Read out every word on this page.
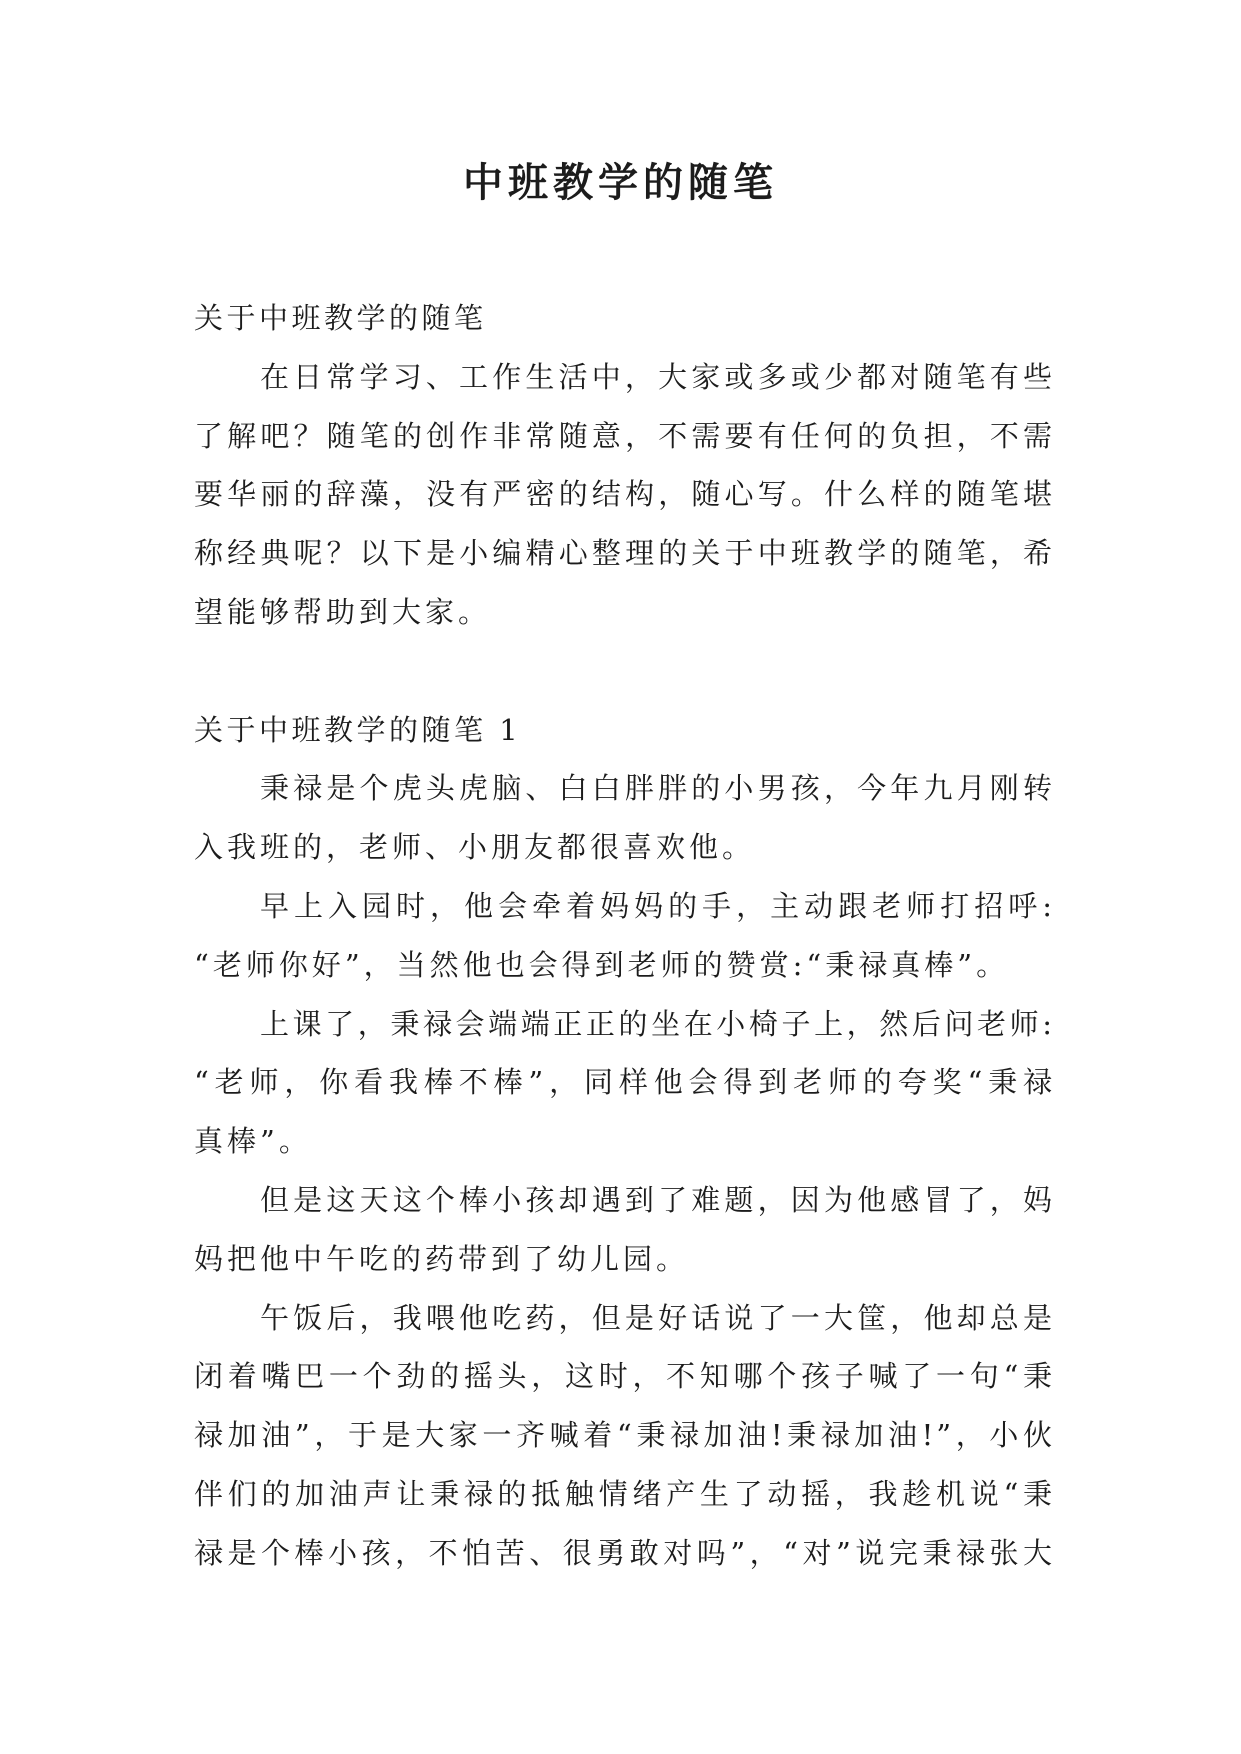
中班教学的随笔
关于中班教学的随笔
在日常学习、工作生活中，大家或多或少都对随笔有些
了解吧？随笔的创作非常随意，不需要有任何的负担，不需
要华丽的辞藻，没有严密的结构，随心写。什么样的随笔堪
称经典呢？以下是小编精心整理的关于中班教学的随笔，希
望能够帮助到大家。
关于中班教学的随笔 1
秉禄是个虎头虎脑、白白胖胖的小男孩，今年九月刚转
入我班的，老师、小朋友都很喜欢他。
早上入园时，他会牵着妈妈的手，主动跟老师打招呼:
“老师你好”，当然他也会得到老师的赞赏:“秉禄真棒”。
上课了，秉禄会端端正正的坐在小椅子上，然后问老师:
“老师，你看我棒不棒”，同样他会得到老师的夸奖“秉禄
真棒”。
但是这天这个棒小孩却遇到了难题，因为他感冒了，妈
妈把他中午吃的药带到了幼儿园。
午饭后，我喂他吃药，但是好话说了一大筐，他却总是
闭着嘴巴一个劲的摇头，这时，不知哪个孩子喊了一句“秉
禄加油”，于是大家一齐喊着“秉禄加油!秉禄加油!”，小伙
伴们的加油声让秉禄的抵触情绪产生了动摇，我趁机说“秉
禄是个棒小孩，不怕苦、很勇敢对吗”，“对”说完秉禄张大
